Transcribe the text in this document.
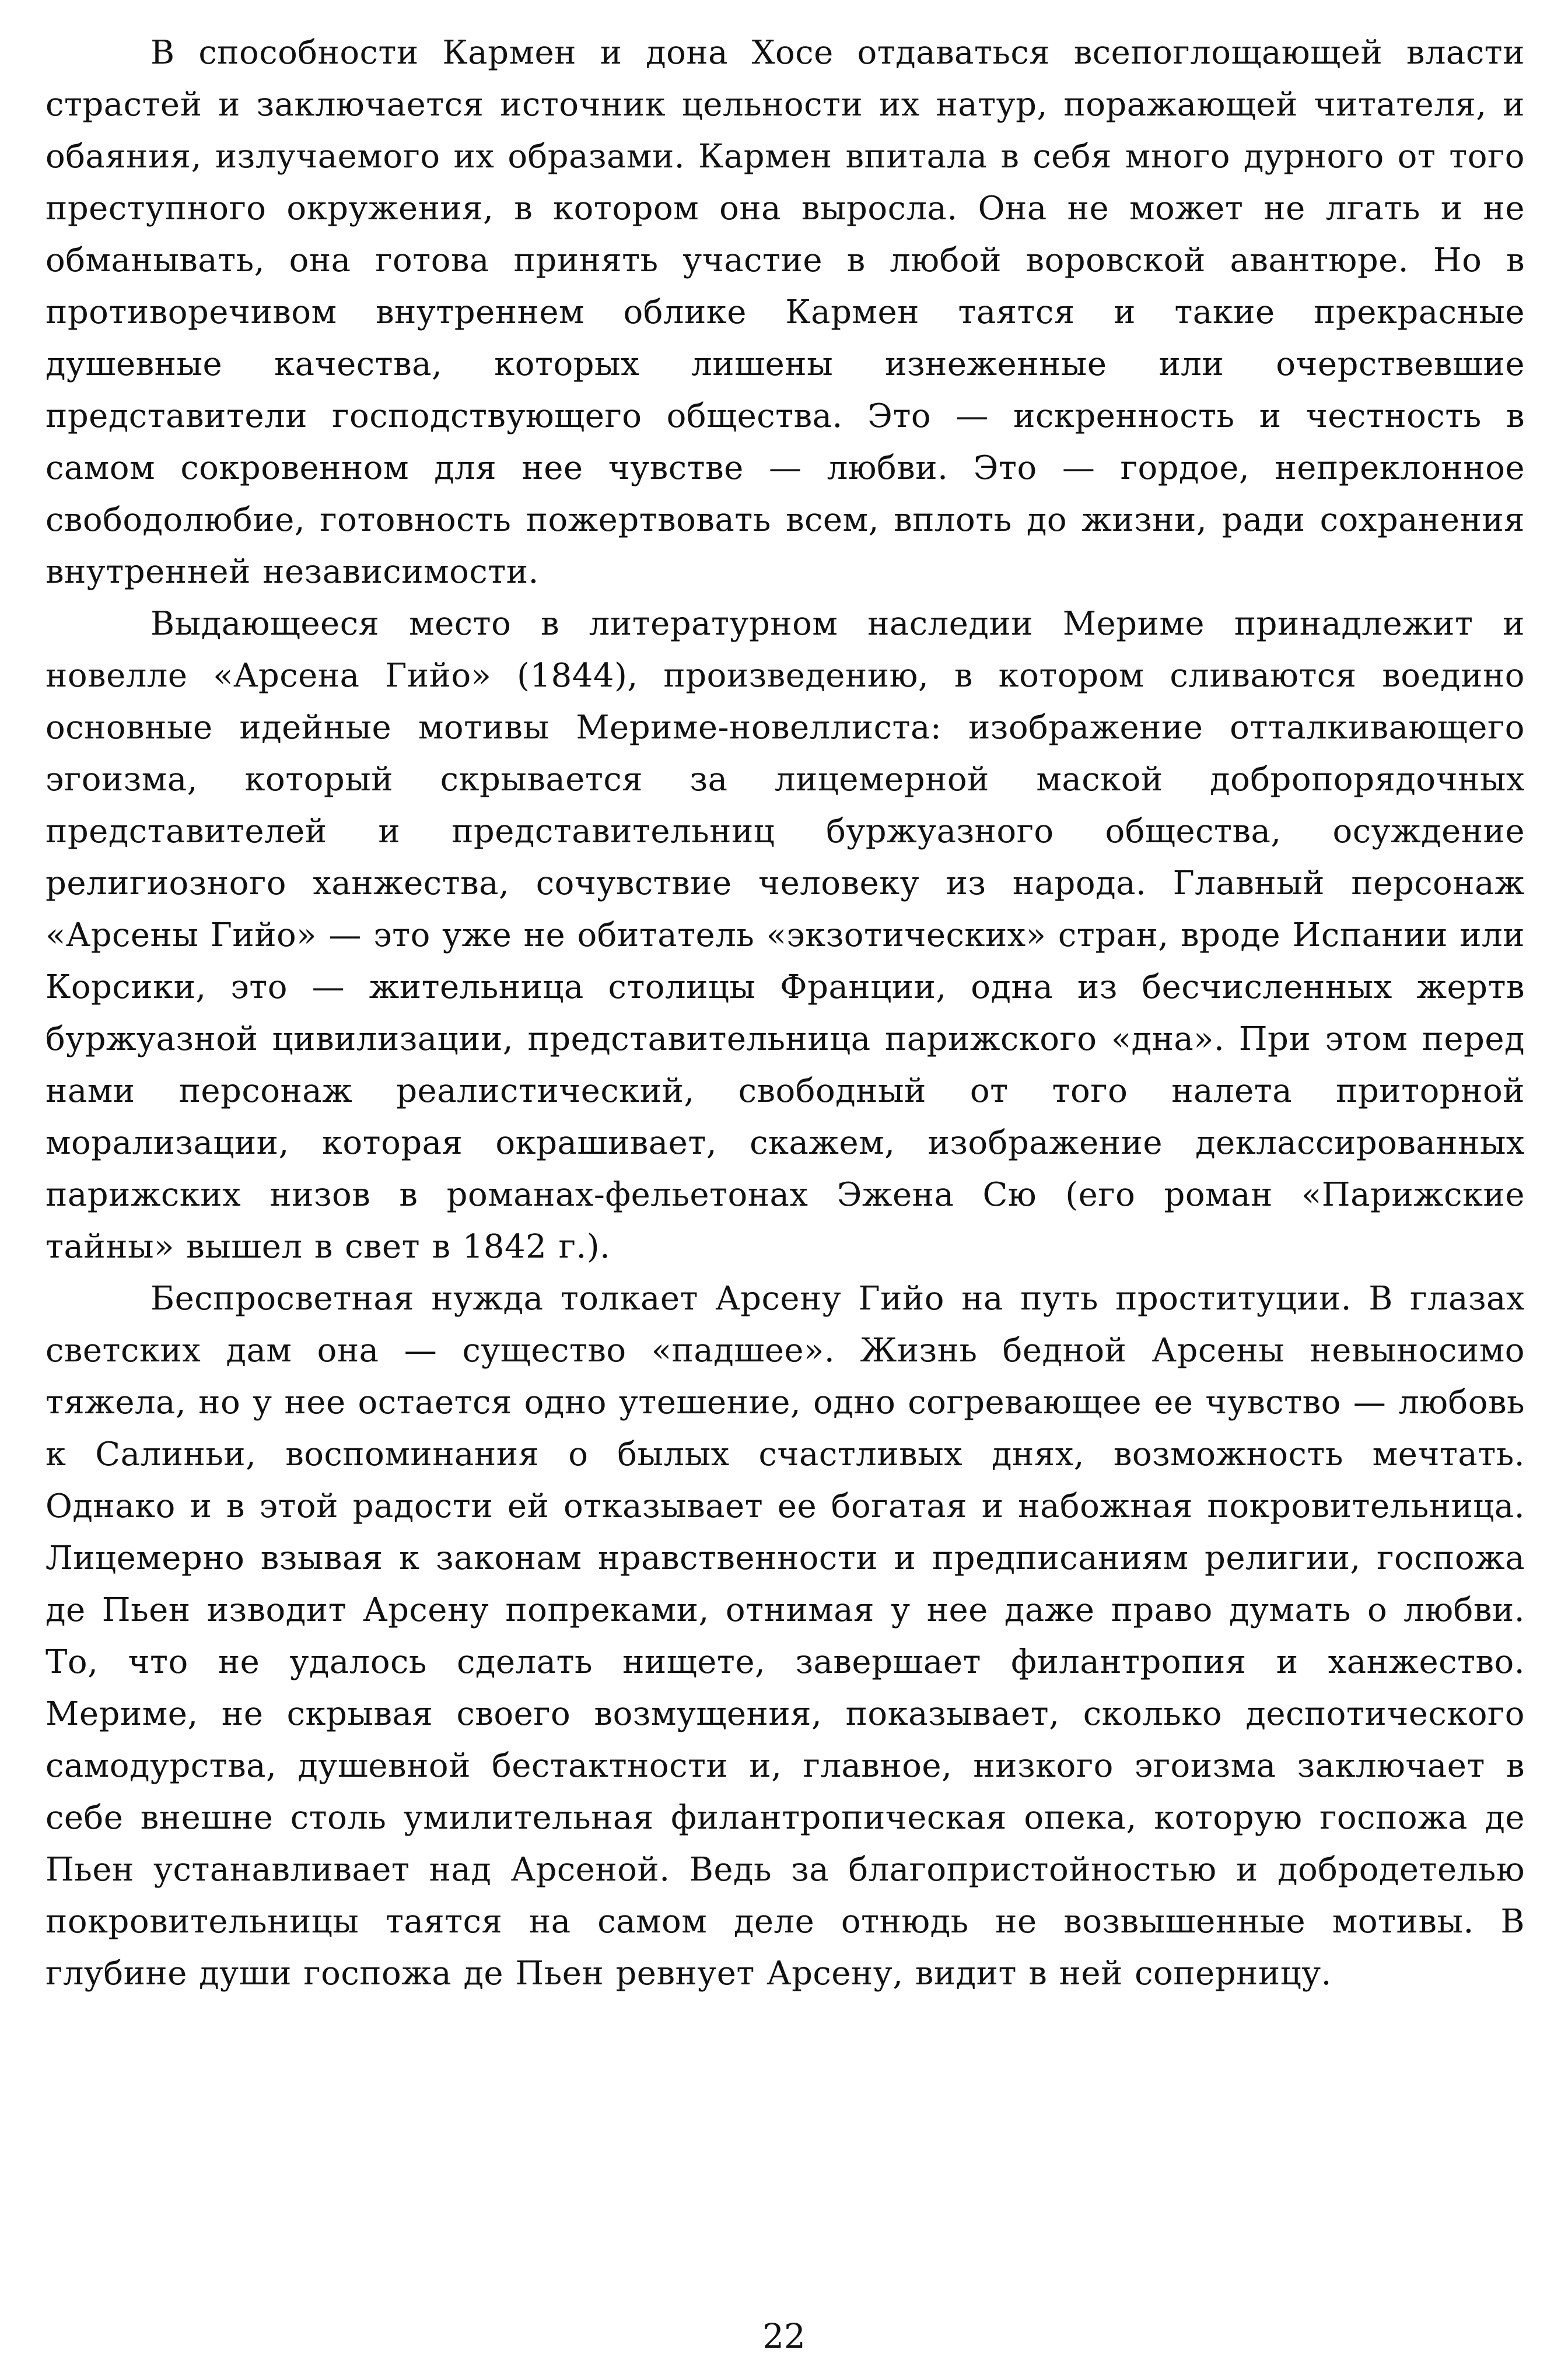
В способности Кармен и дона Хосе отдаваться всепоглощающей власти страстей и заключается источник цельности их натур, поражающей читателя, и обаяния, излучаемого их образами. Кармен впитала в себя много дурного от того преступного окружения, в котором она выросла. Она не может не лгать и не обманывать, она готова принять участие в любой воровской авантюре. Но в противоречивом внутреннем облике Кармен таятся и такие прекрасные душевные качества, которых лишены изнеженные или очерствевшие представители господствующего общества. Это — искренность и честность в самом сокровенном для нее чувстве — любви. Это — гордое, непреклонное свободолюбие, готовность пожертвовать всем, вплоть до жизни, ради сохранения внутренней независимости.

Выдающееся место в литературном наследии Мериме принадлежит и новелле «Арсена Гийо» (1844), произведению, в котором сливаются воедино основные идейные мотивы Мериме-новеллиста: изображение отталкивающего эгоизма, который скрывается за лицемерной маской добропорядочных представителей и представительниц буржуазного общества, осуждение религиозного ханжества, сочувствие человеку из народа. Главный персонаж «Арсены Гийо» — это уже не обитатель «экзотических» стран, вроде Испании или Корсики, это — жительница столицы Франции, одна из бесчисленных жертв буржуазной цивилизации, представительница парижского «дна». При этом перед нами персонаж реалистический, свободный от того налета приторной морализации, которая окрашивает, скажем, изображение деклассированных парижских низов в романах-фельетонах Эжена Сю (его роман «Парижские тайны» вышел в свет в 1842 г.).

Беспросветная нужда толкает Арсену Гийо на путь проституции. В глазах светских дам она — существо «падшее». Жизнь бедной Арсены невыносимо тяжела, но у нее остается одно утешение, одно согревающее ее чувство — любовь к Салиньи, воспоминания о былых счастливых днях, возможность мечтать. Однако и в этой радости ей отказывает ее богатая и набожная покровительница. Лицемерно взывая к законам нравственности и предписаниям религии, госпожа де Пьен изводит Арсену попреками, отнимая у нее даже право думать о любви. То, что не удалось сделать нищете, завершает филантропия и ханжество. Мериме, не скрывая своего возмущения, показывает, сколько деспотического самодурства, душевной бестактности и, главное, низкого эгоизма заключает в себе внешне столь умилительная филантропическая опека, которую госпожа де Пьен устанавливает над Арсеной. Ведь за благопристойностью и добродетелью покровительницы таятся на самом деле отнюдь не возвышенные мотивы. В глубине души госпожа де Пьен ревнует Арсену, видит в ней соперницу.

22
